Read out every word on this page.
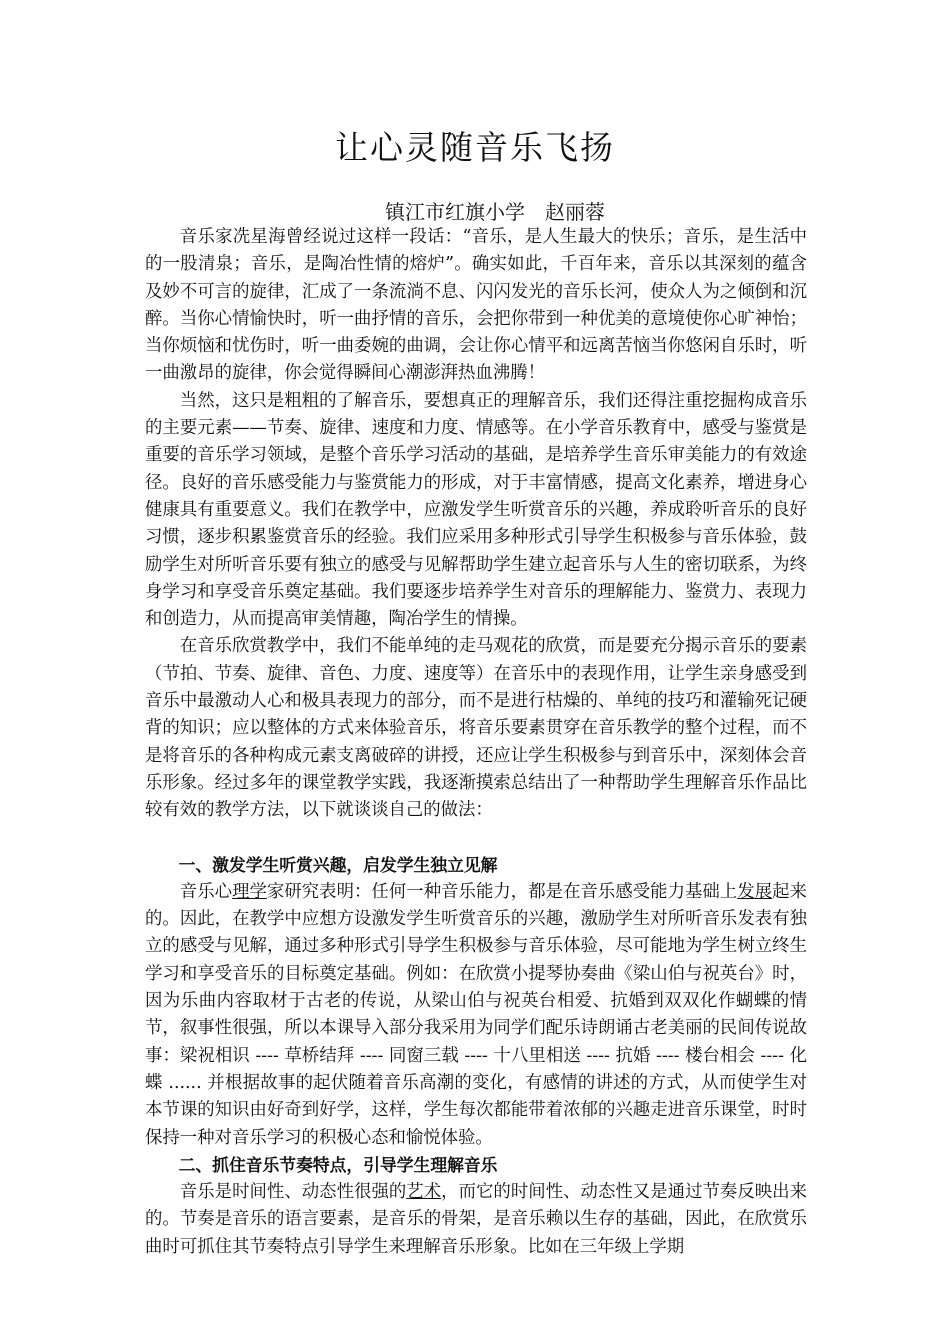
让心灵随音乐飞扬
镇江市红旗小学　赵丽蓉

音乐家冼星海曾经说过这样一段话：“音乐，是人生最大的快乐；音乐，是生活中的一股清泉；音乐，是陶冶性情的熔炉”。确实如此，千百年来，音乐以其深刻的蕴含及妙不可言的旋律，汇成了一条流淌不息、闪闪发光的音乐长河，使众人为之倾倒和沉醉。当你心情愉快时，听一曲抒情的音乐，会把你带到一种优美的意境使你心旷神怡；当你烦恼和忧伤时，听一曲委婉的曲调，会让你心情平和远离苦恼当你悠闲自乐时，听一曲激昂的旋律，你会觉得瞬间心潮澎湃热血沸腾！

当然，这只是粗粗的了解音乐，要想真正的理解音乐，我们还得注重挖掘构成音乐的主要元素——节奏、旋律、速度和力度、情感等。在小学音乐教育中，感受与鉴赏是重要的音乐学习领域，是整个音乐学习活动的基础，是培养学生音乐审美能力的有效途径。良好的音乐感受能力与鉴赏能力的形成，对于丰富情感，提高文化素养，增进身心健康具有重要意义。我们在教学中，应激发学生听赏音乐的兴趣，养成聆听音乐的良好习惯，逐步积累鉴赏音乐的经验。我们应采用多种形式引导学生积极参与音乐体验，鼓励学生对所听音乐要有独立的感受与见解帮助学生建立起音乐与人生的密切联系，为终身学习和享受音乐奠定基础。我们要逐步培养学生对音乐的理解能力、鉴赏力、表现力和创造力，从而提高审美情趣，陶冶学生的情操。

在音乐欣赏教学中，我们不能单纯的走马观花的欣赏，而是要充分揭示音乐的要素（节拍、节奏、旋律、音色、力度、速度等）在音乐中的表现作用，让学生亲身感受到音乐中最激动人心和极具表现力的部分，而不是进行枯燥的、单纯的技巧和灌输死记硬背的知识；应以整体的方式来体验音乐，将音乐要素贯穿在音乐教学的整个过程，而不是将音乐的各种构成元素支离破碎的讲授，还应让学生积极参与到音乐中，深刻体会音乐形象。经过多年的课堂教学实践，我逐渐摸索总结出了一种帮助学生理解音乐作品比较有效的教学方法，以下就谈谈自己的做法：

一、激发学生听赏兴趣，启发学生独立见解

音乐心理学家研究表明：任何一种音乐能力，都是在音乐感受能力基础上发展起来的。因此，在教学中应想方设激发学生听赏音乐的兴趣，激励学生对所听音乐发表有独立的感受与见解，通过多种形式引导学生积极参与音乐体验，尽可能地为学生树立终生学习和享受音乐的目标奠定基础。例如：在欣赏小提琴协奏曲《梁山伯与祝英台》时，因为乐曲内容取材于古老的传说，从梁山伯与祝英台相爱、抗婚到双双化作蝴蝶的情节，叙事性很强，所以本课导入部分我采用为同学们配乐诗朗诵古老美丽的民间传说故事：梁祝相识 ---- 草桥结拜 ---- 同窗三载 ---- 十八里相送 ---- 抗婚 ---- 楼台相会 ---- 化蝶 ...... 并根据故事的起伏随着音乐高潮的变化，有感情的讲述的方式，从而使学生对本节课的知识由好奇到好学，这样，学生每次都能带着浓郁的兴趣走进音乐课堂，时时保持一种对音乐学习的积极心态和愉悦体验。

二、抓住音乐节奏特点，引导学生理解音乐

音乐是时间性、动态性很强的艺术，而它的时间性、动态性又是通过节奏反映出来的。节奏是音乐的语言要素，是音乐的骨架，是音乐赖以生存的基础，因此，在欣赏乐曲时可抓住其节奏特点引导学生来理解音乐形象。比如在三年级上学期
